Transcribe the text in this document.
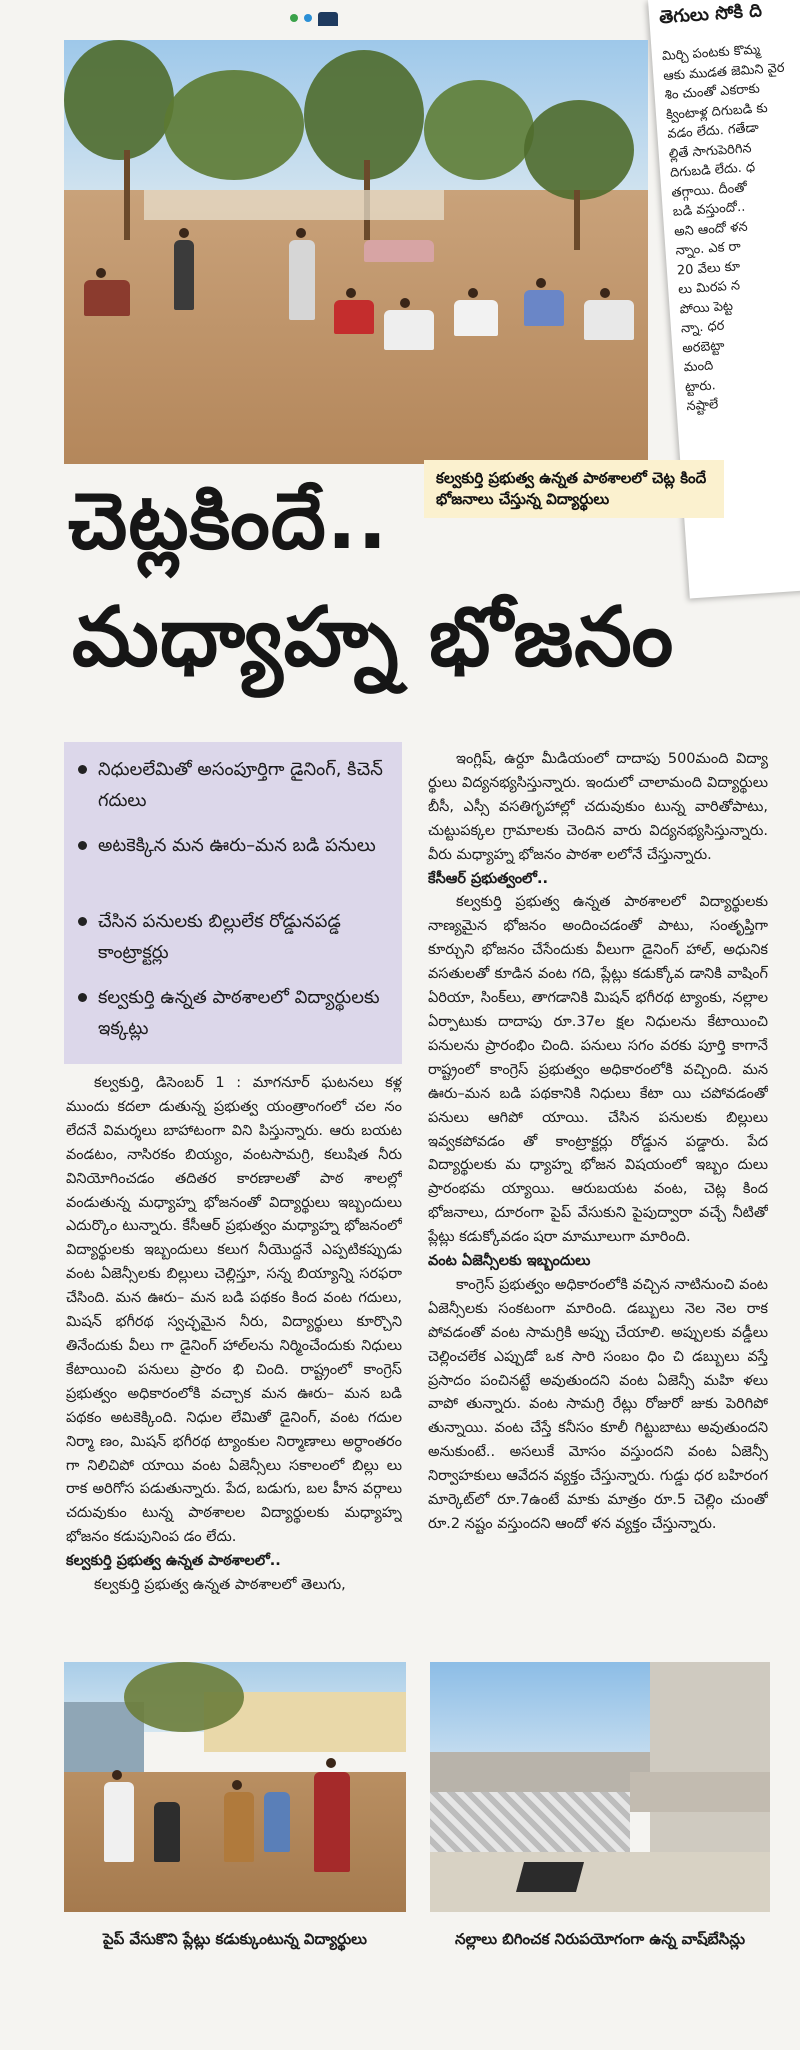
తెగులు సోకి ది
మిర్చి పంటకు కొమ్మ
ఆకు ముడత జెమిని వైర
శిం చుంతో ఎకరాకు
క్వింటాళ్ల దిగుబడి కు
వడం లేదు. గతేడా
ల్లితే సాగుపెరిగిన
దిగుబడి లేదు. ధ
తగ్గాయి. దీంతో
బడి వస్తుందో..
అని ఆందో ళన
న్నాం. ఎక రా
20 వేలు కూ
లు మిరప న
పోయి పెట్ట
న్నా. ధర
అరబెట్టా
మంది
ట్టారు.
నష్టాలే
కల్వకుర్తి ప్రభుత్వ ఉన్నత పాఠశాలలో చెట్ల కిందే భోజనాలు చేస్తున్న విద్యార్థులు
చెట్లకిందే..
మధ్యాహ్న భోజనం
నిధులలేమితో అసంపూర్తిగా డైనింగ్, కిచెన్ గదులు
అటకెక్కిన మన ఊరు–మన బడి పనులు
చేసిన పనులకు బిల్లులేక రోడ్డునపడ్డ కాంట్రాక్టర్లు
కల్వకుర్తి ఉన్నత పాఠశాలలో విద్యార్థులకు ఇక్కట్లు

కల్వకుర్తి, డిసెంబర్ 1 : మాగనూర్ ఘటనలు కళ్ల ముందు కదలా డుతున్న ప్రభుత్వ యంత్రాంగంలో చల నం లేదనే విమర్శలు బాహాటంగా విని పిస్తున్నారు. ఆరు బయట వండటం, నాసిరకం బియ్యం, వంటసామగ్రి, కలుషిత నీరు వినియోగించడం తదితర కారణాలతో పాఠ శాలల్లో వండుతున్న మధ్యాహ్న భోజనంతో విద్యార్థులు ఇబ్బందులు ఎదుర్కొం టున్నారు. కేసీఆర్ ప్రభుత్వం మధ్యాహ్న భోజనంలో విద్యార్థులకు ఇబ్బందులు కలుగ నీయొద్దనే ఎప్పటికప్పుడు వంట ఏజెన్సీలకు బిల్లులు చెల్లిస్తూ, సన్న బియ్యాన్ని సరఫరా చేసింది. మన ఊరు– మన బడి పథకం కింద వంట గదులు, మిషన్ భగీరథ స్వచ్ఛమైన నీరు, విద్యార్థులు కూర్చొని తినేందుకు వీలు గా డైనింగ్ హాల్‌లను నిర్మించేందుకు నిధులు కేటాయించి పనులు ప్రారం భి చింది. రాష్ట్రంలో కాంగ్రెస్ ప్రభుత్వం అధికారంలోకి వచ్చాక మన ఊరు– మన బడి పథకం అటకెక్కింది. నిధుల లేమితో డైనింగ్, వంట గదుల నిర్మా ణం, మిషన్ భగీరథ ట్యాంకుల నిర్మాణాలు అర్ధాంతరం గా నిలిచిపో యాయి వంట ఏజెన్సీలు సకాలంలో బిల్లు లు రాక అరిగోస పడుతున్నారు. పేద, బడుగు, బల హీన వర్గాలు చదువుకుం టున్న పాఠశాలల విద్యార్థులకు మధ్యాహ్న భోజనం కడుపునింప డం లేదు.

కల్వకుర్తి ప్రభుత్వ ఉన్నత పాఠశాలలో..

కల్వకుర్తి ప్రభుత్వ ఉన్నత పాఠశాలలో తెలుగు,

ఇంగ్లిష్, ఉర్దూ మీడియంలో దాదాపు 500మంది విద్యా ర్థులు విద్యనభ్యసిస్తున్నారు. ఇందులో చాలామంది విద్యార్థులు బీసీ, ఎస్సీ వసతిగృహాల్లో చదువుకుం టున్న వారితోపాటు, చుట్టుపక్కల గ్రామాలకు చెందిన వారు విద్యనభ్యసిస్తున్నారు. వీరు మధ్యాహ్న భోజనం పాఠశా లలోనే చేస్తున్నారు.

కేసీఆర్ ప్రభుత్వంలో..

కల్వకుర్తి ప్రభుత్వ ఉన్నత పాఠశాలలో విద్యార్థులకు నాణ్యమైన భోజనం అందించడంతో పాటు, సంతృప్తిగా కూర్చుని భోజనం చేసేందుకు వీలుగా డైనింగ్ హాల్, అధునిక వసతులతో కూడిన వంట గది, ప్లేట్లు కడుక్కోవ డానికి వాషింగ్ ఏరియా, సింక్‌లు, తాగడానికి మిషన్ భగీరథ ట్యాంకు, నల్లాల ఏర్పాటుకు దాదాపు రూ.37ల క్షల నిధులను కేటాయించి పనులను ప్రారంభిం చింది. పనులు సగం వరకు పూర్తి కాగానే రాష్ట్రంలో కాంగ్రెస్ ప్రభుత్వం అధికారంలోకి వచ్చింది. మన ఊరు–మన బడి పథకానికి నిధులు కేటా యి చపోవడంతో పనులు ఆగిపో యాయి. చేసిన పనులకు బిల్లులు ఇవ్వకపోవడం తో కాంట్రాక్టర్లు రోడ్డున పడ్డారు. పేద విద్యార్థులకు మ ధ్యాహ్న భోజన విషయంలో ఇబ్బం దులు ప్రారంభమ య్యాయి. ఆరుబయట వంట, చెట్ల కింద భోజనాలు, దూరంగా పైప్ వేసుకుని పైపుద్వారా వచ్చే నీటితో ప్లేట్లు కడుక్కోవడం షరా మామూలుగా మారింది.

వంట ఏజెన్సీలకు ఇబ్బందులు

కాంగ్రెస్ ప్రభుత్వం అధికారంలోకి వచ్చిన నాటినుంచి వంట ఏజెన్సీలకు సంకటంగా మారింది. డబ్బులు నెల నెల రాక పోవడంతో వంట సామగ్రికి అప్పు చేయాలి. అప్పులకు వడ్డీలు చెల్లించలేక ఎప్పుడో ఒక సారి సంబం ధిం చి డబ్బులు వస్తే ప్రసాదం పంచినట్టే అవుతుందని వంట ఏజెన్సీ మహి ళలు వాపో తున్నారు. వంట సామగ్రి రేట్లు రోజురో జుకు పెరిగిపో తున్నాయి. వంట చేస్తే కనీసం కూలీ గిట్టుబాటు అవుతుందని అనుకుంటే.. అసలుకే మోసం వస్తుందని వంట ఏజెన్సీ నిర్వాహకులు ఆవేదన వ్యక్తం చేస్తున్నారు. గుడ్డు ధర బహిరంగ మార్కెట్‌లో రూ.7ఉంటే మాకు మాత్రం రూ.5 చెల్లిం చుంతో రూ.2 నష్టం వస్తుందని ఆందో ళన వ్యక్తం చేస్తున్నారు.

పైప్ వేసుకొని ప్లేట్లు కడుక్కుంటున్న విద్యార్థులు	నల్లాలు బిగించక నిరుపయోగంగా ఉన్న వాష్‌బేసిన్లు
